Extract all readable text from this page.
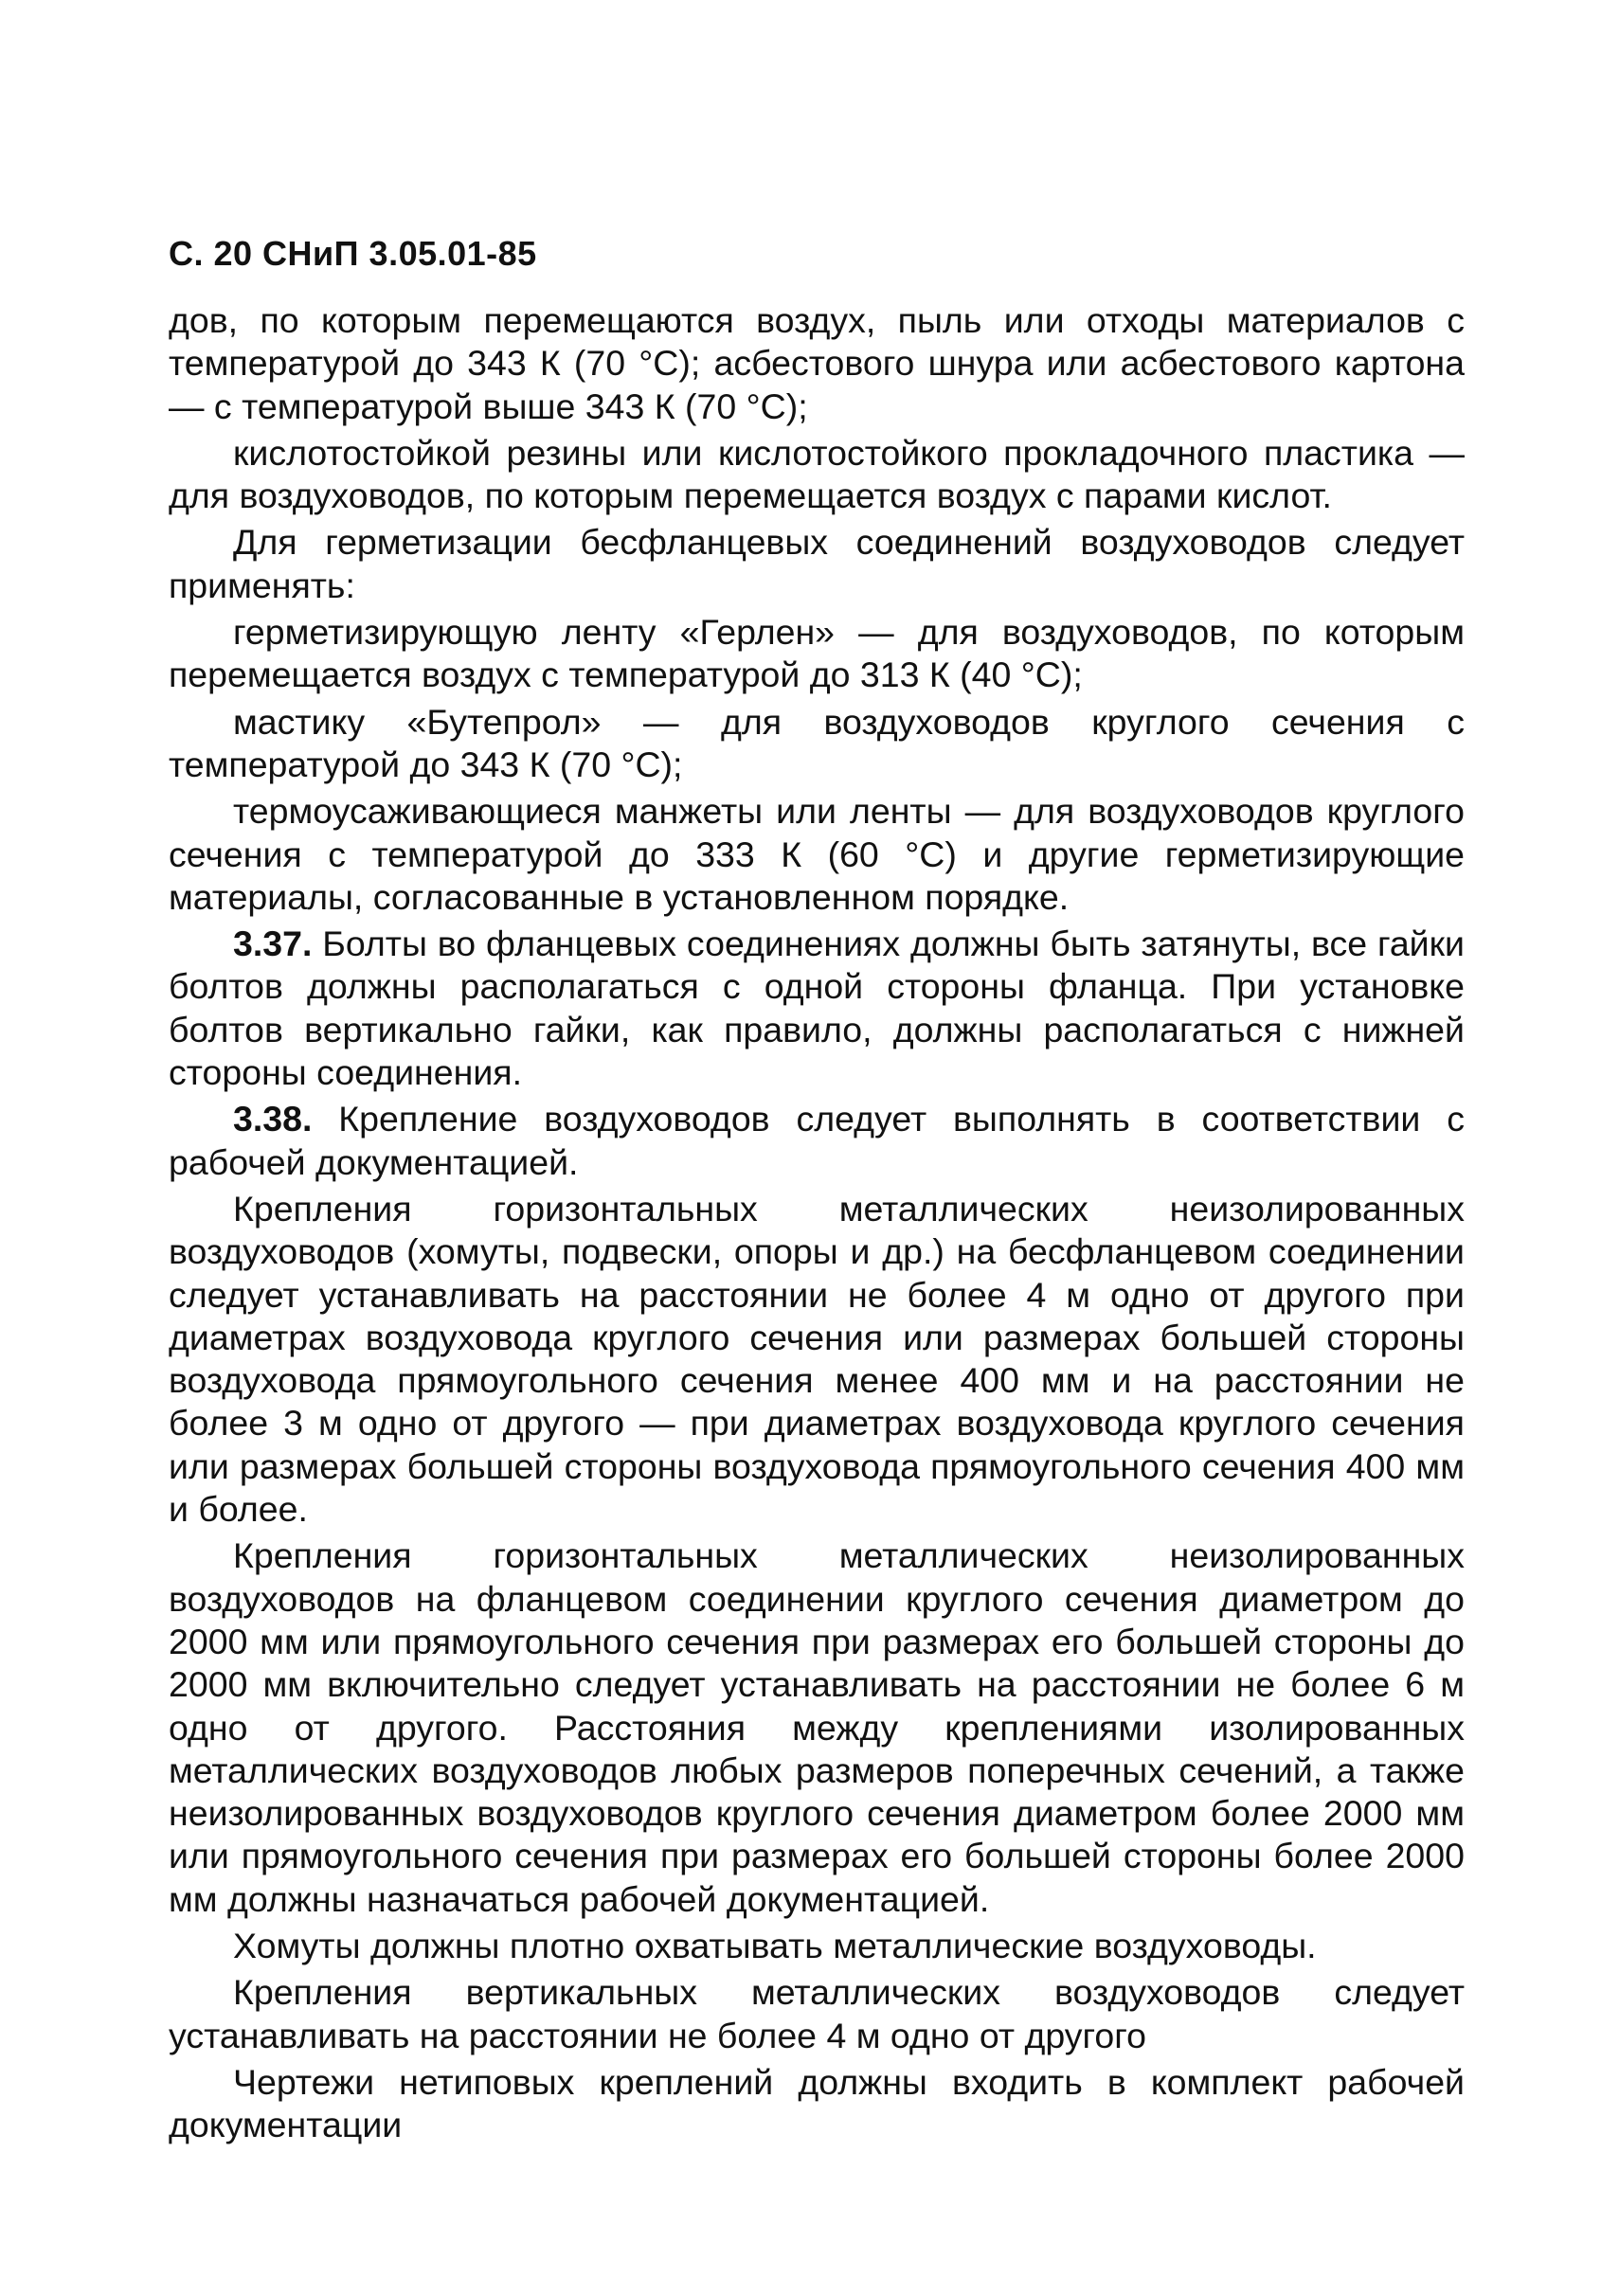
С. 20 СНиП 3.05.01-85

дов, по которым перемещаются воздух, пыль или отходы материалов с температурой до 343 К (70 °С); асбестового шнура или асбестового картона — с температурой выше 343 К (70 °С);

кислотостойкой резины или кислотостойкого прокладочного пластика — для воздуховодов, по которым перемещается воздух с парами кислот.

Для герметизации бесфланцевых соединений воздуховодов следует применять:

герметизирующую ленту «Герлен» — для воздуховодов, по которым перемещается воздух с температурой до 313 К (40 °С);

мастику «Бутепрол» — для воздуховодов круглого сечения с температурой до 343 К (70 °С);

термоусаживающиеся манжеты или ленты — для воздуховодов круглого сечения с температурой до 333 К (60 °С) и другие герметизирующие материалы, согласованные в установленном порядке.

3.37. Болты во фланцевых соединениях должны быть затянуты, все гайки болтов должны располагаться с одной стороны фланца. При установке болтов вертикально гайки, как правило, должны располагаться с нижней стороны соединения.

3.38. Крепление воздуховодов следует выполнять в соответствии с рабочей документацией.

Крепления горизонтальных металлических неизолированных воздуховодов (хомуты, подвески, опоры и др.) на бесфланцевом соединении следует устанавливать на расстоянии не более 4 м одно от другого при диаметрах воздуховода круглого сечения или размерах большей стороны воздуховода прямоугольного сечения менее 400 мм и на расстоянии не более 3 м одно от другого — при диаметрах воздуховода круглого сечения или размерах большей стороны воздуховода прямоугольного сечения 400 мм и более.

Крепления горизонтальных металлических неизолированных воздуховодов на фланцевом соединении круглого сечения диаметром до 2000 мм или прямоугольного сечения при размерах его большей стороны до 2000 мм включительно следует устанавливать на расстоянии не более 6 м одно от другого. Расстояния между креплениями изолированных металлических воздуховодов любых размеров поперечных сечений, а также неизолированных воздуховодов круглого сечения диаметром более 2000 мм или прямоугольного сечения при размерах его большей стороны более 2000 мм должны назначаться рабочей документацией.

Хомуты должны плотно охватывать металлические воздуховоды.

Крепления вертикальных металлических воздуховодов следует устанавливать на расстоянии не более 4 м одно от другого

Чертежи нетиповых креплений должны входить в комплект рабочей документации
